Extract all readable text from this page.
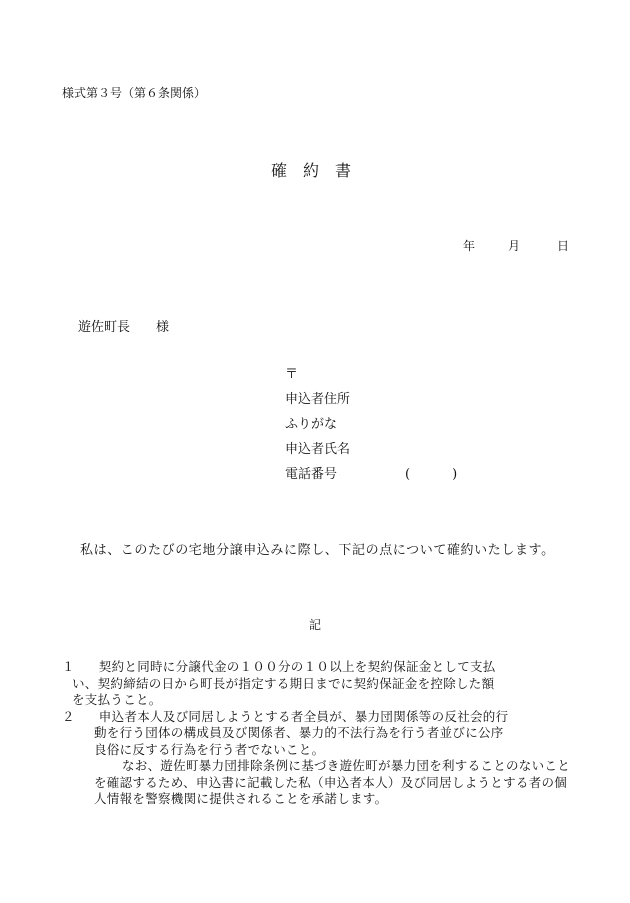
様式第３号（第６条関係）
確 約 書
年	月	日
遊佐町長 様
〒
申込者住所
ふりがな
申込者氏名
電話番号	(	)
私は、このたびの宅地分譲申込みに際し、下記の点について確約いたします。
記
１ 　契約と同時に分譲代金の１００分の１０以上を契約保証金として支払
い、契約締結の日から町長が指定する期日までに契約保証金を控除した額
を支払うこと。
２ 　申込者本人及び同居しようとする者全員が、暴力団関係等の反社会的行
動を行う団体の構成員及び関係者、暴力的不法行為を行う者並びに公序
良俗に反する行為を行う者でないこと。
なお、遊佐町暴力団排除条例に基づき遊佐町が暴力団を利することのないことを確認するため、申込書に記載した私（申込者本人）及び同居しようとする者の個人情報を警察機関に提供されることを承諾します。
